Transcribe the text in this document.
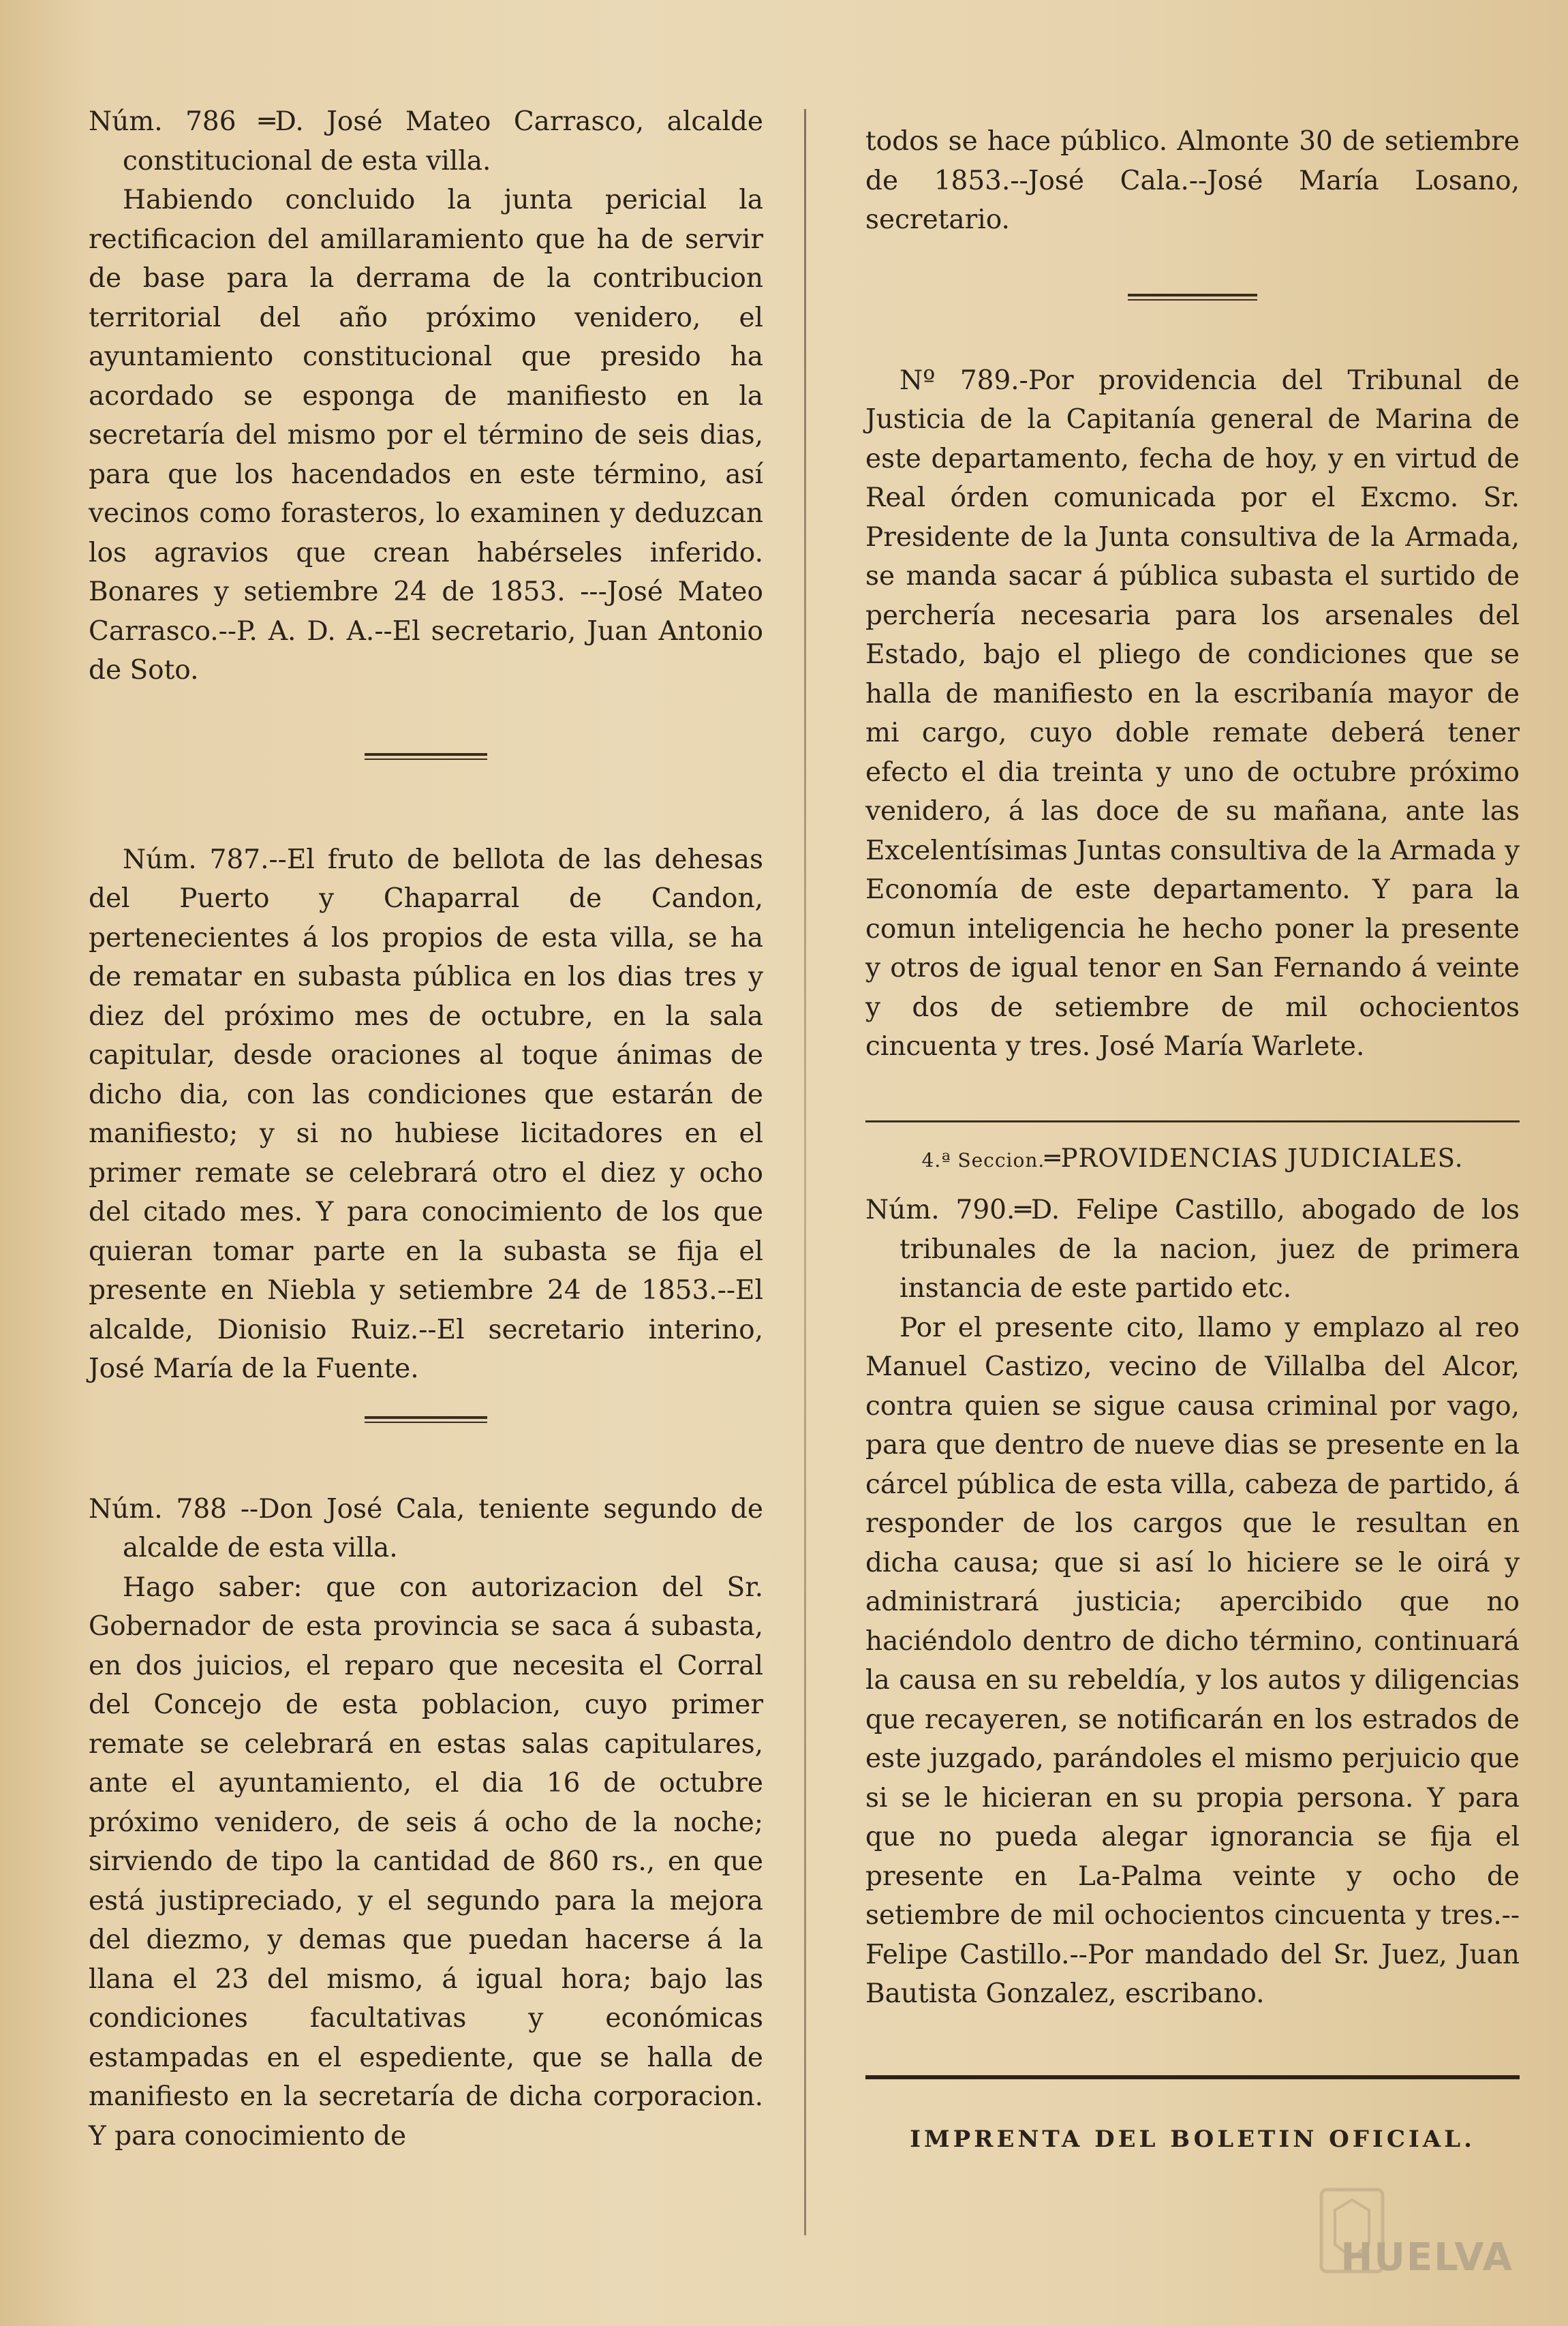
Núm. 786 ═D. José Mateo Carrasco, alcalde constitucional de esta villa.

Habiendo concluido la junta pericial la rectificacion del amillaramiento que ha de servir de base para la derrama de la contribucion territorial del año próximo venidero, el ayuntamiento constitucional que presido ha acordado se esponga de manifiesto en la secretaría del mismo por el término de seis dias, para que los hacendados en este término, así vecinos como forasteros, lo examinen y deduzcan los agravios que crean habérseles inferido. Bonares y setiembre 24 de 1853. ---José Mateo Carrasco.--P. A. D. A.--El secretario, Juan Antonio de Soto.

Núm. 787.--El fruto de bellota de las dehesas del Puerto y Chaparral de Candon, pertenecientes á los propios de esta villa, se ha de rematar en subasta pública en los dias tres y diez del próximo mes de octubre, en la sala capitular, desde oraciones al toque ánimas de dicho dia, con las condiciones que estarán de manifiesto; y si no hubiese licitadores en el primer remate se celebrará otro el diez y ocho del citado mes. Y para conocimiento de los que quieran tomar parte en la subasta se fija el presente en Niebla y setiembre 24 de 1853.--El alcalde, Dionisio Ruiz.--El secretario interino, José María de la Fuente.

Núm. 788 --Don José Cala, teniente segundo de alcalde de esta villa.

Hago saber: que con autorizacion del Sr. Gobernador de esta provincia se saca á subasta, en dos juicios, el reparo que necesita el Corral del Concejo de esta poblacion, cuyo primer remate se celebrará en estas salas capitulares, ante el ayuntamiento, el dia 16 de octubre próximo venidero, de seis á ocho de la noche; sirviendo de tipo la cantidad de 860 rs., en que está justipreciado, y el segundo para la mejora del diezmo, y demas que puedan hacerse á la llana el 23 del mismo, á igual hora; bajo las condiciones facultativas y económicas estampadas en el espediente, que se halla de manifiesto en la secretaría de dicha corporacion. Y para conocimiento de

todos se hace público. Almonte 30 de setiembre de 1853.--José Cala.--José María Losano, secretario.

Nº 789.-Por providencia del Tribunal de Justicia de la Capitanía general de Marina de este departamento, fecha de hoy, y en virtud de Real órden comunicada por el Excmo. Sr. Presidente de la Junta consultiva de la Armada, se manda sacar á pública subasta el surtido de perchería necesaria para los arsenales del Estado, bajo el pliego de condiciones que se halla de manifiesto en la escribanía mayor de mi cargo, cuyo doble remate deberá tener efecto el dia treinta y uno de octubre próximo venidero, á las doce de su mañana, ante las Excelentísimas Juntas consultiva de la Armada y Economía de este departamento. Y para la comun inteligencia he hecho poner la presente y otros de igual tenor en San Fernando á veinte y dos de setiembre de mil ochocientos cincuenta y tres. José María Warlete.

4.ª Seccion.═PROVIDENCIAS JUDICIALES.

Núm. 790.═D. Felipe Castillo, abogado de los tribunales de la nacion, juez de primera instancia de este partido etc.

Por el presente cito, llamo y emplazo al reo Manuel Castizo, vecino de Villalba del Alcor, contra quien se sigue causa criminal por vago, para que dentro de nueve dias se presente en la cárcel pública de esta villa, cabeza de partido, á responder de los cargos que le resultan en dicha causa; que si así lo hiciere se le oirá y administrará justicia; apercibido que no haciéndolo dentro de dicho término, continuará la causa en su rebeldía, y los autos y diligencias que recayeren, se notificarán en los estrados de este juzgado, parándoles el mismo perjuicio que si se le hicieran en su propia persona. Y para que no pueda alegar ignorancia se fija el presente en La-Palma veinte y ocho de setiembre de mil ochocientos cincuenta y tres.--Felipe Castillo.--Por mandado del Sr. Juez, Juan Bautista Gonzalez, escribano.

IMPRENTA DEL BOLETIN OFICIAL.

HUELVA
